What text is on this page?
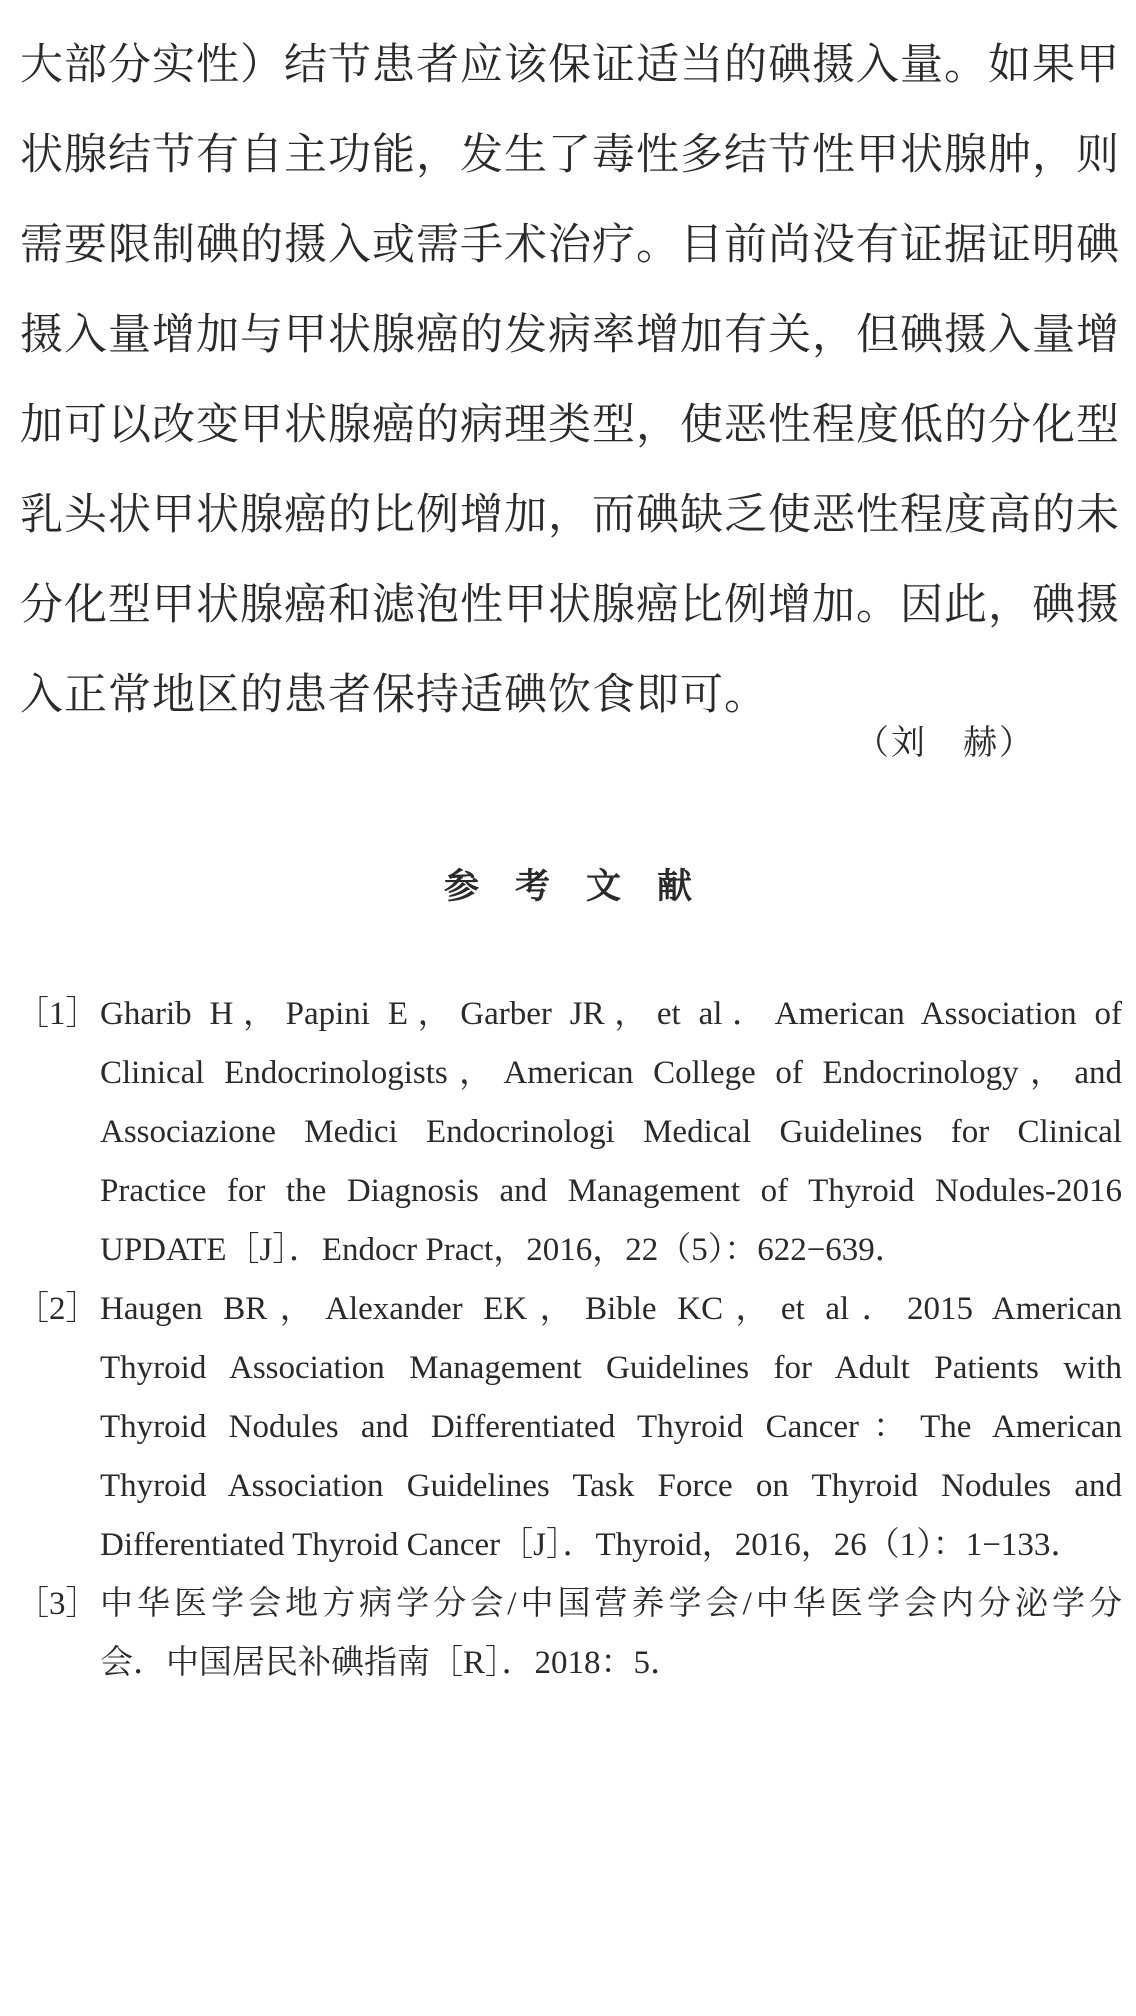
大部分实性）结节患者应该保证适当的碘摄入量。如果甲状腺结节有自主功能，发生了毒性多结节性甲状腺肿，则需要限制碘的摄入或需手术治疗。目前尚没有证据证明碘摄入量增加与甲状腺癌的发病率增加有关，但碘摄入量增加可以改变甲状腺癌的病理类型，使恶性程度低的分化型乳头状甲状腺癌的比例增加，而碘缺乏使恶性程度高的未分化型甲状腺癌和滤泡性甲状腺癌比例增加。因此，碘摄入正常地区的患者保持适碘饮食即可。

（刘　赫）

参考文献
［1］ Gharib H，Papini E，Garber JR，et al．American Association of
Clinical Endocrinologists，American College of Endocrinology，and
Associazione Medici Endocrinologi Medical Guidelines for Clinical
Practice for the Diagnosis and Management of Thyroid Nodules-2016
UPDATE［J］．Endocr Pract，2016，22（5）：622−639．
［2］ Haugen BR，Alexander EK，Bible KC，et al．2015 American
Thyroid Association Management Guidelines for Adult Patients with
Thyroid Nodules and Differentiated Thyroid Cancer：The American
Thyroid Association Guidelines Task Force on Thyroid Nodules and
Differentiated Thyroid Cancer［J］．Thyroid，2016，26（1）：1−133．
［3］ 中华医学会地方病学分会/中国营养学会/中华医学会内分泌学分
会．中国居民补碘指南［R］．2018：5．
